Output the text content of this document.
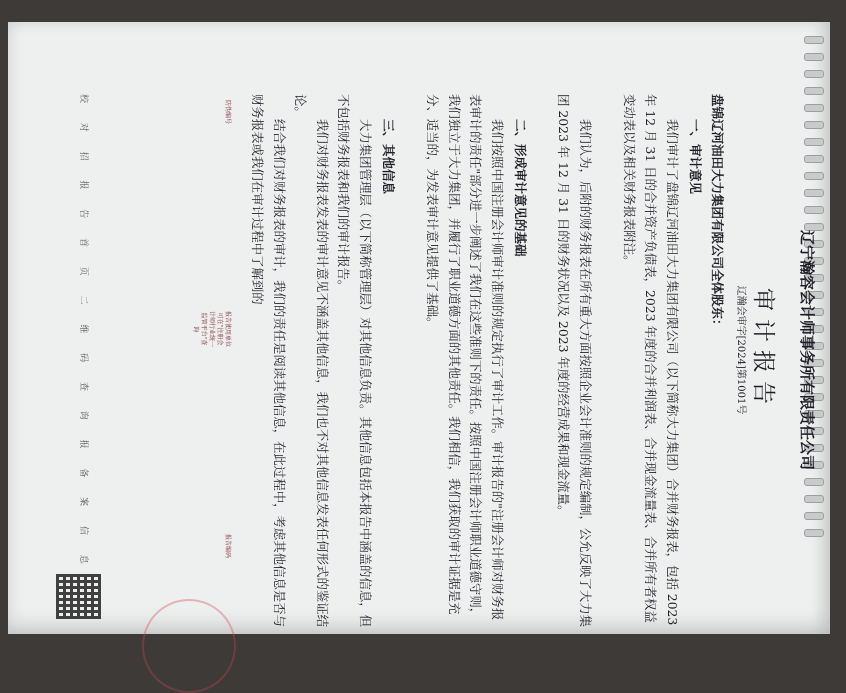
辽宁瀚容会计师事务所有限责任公司
审计报告
辽瀚会审字[2024]第1001号
盘锦辽河油田大力集团有限公司全体股东：
一、审计意见
我们审计了盘锦辽河油田大力集团有限公司（以下简称大力集团）合并财务报表，包括 2023 年 12 月 31 日的合并资产负债表，2023 年度的合并利润表、合并现金流量表、合并所有者权益变动表以及相关财务报表附注。
我们认为，后附的财务报表在所有重大方面按照企业会计准则的规定编制，公允反映了大力集团 2023 年 12 月 31 日的财务状况以及 2023 年度的经营成果和现金流量。
二、形成审计意见的基础
我们按照中国注册会计师审计准则的规定执行了审计工作。审计报告的"注册会计师对财务报表审计的责任"部分进一步阐述了我们在这些准则下的责任。按照中国注册会计师职业道德守则，我们独立于大力集团，并履行了职业道德方面的其他责任。我们相信，我们获取的审计证据是充分、适当的，为发表审计意见提供了基础。
三、其他信息
大力集团管理层（以下简称管理层）对其他信息负责。其他信息包括本报告中涵盖的信息，但不包括财务报表和我们的审计报告。
我们对财务报表发表的审计意见不涵盖其他信息，我们也不对其他信息发表任何形式的鉴证结论。
结合我们对财务报表的审计，我们的责任是阅读其他信息，在此过程中，考虑其他信息是否与财务报表或我们在审计过程中了解到的
防伪编号
报告使用单位可在"注册会计师行业统一监管平台"查询
报告编码
校
对
招
报
告
首
页
二
维
码
查
询
报
备
案
信
息
